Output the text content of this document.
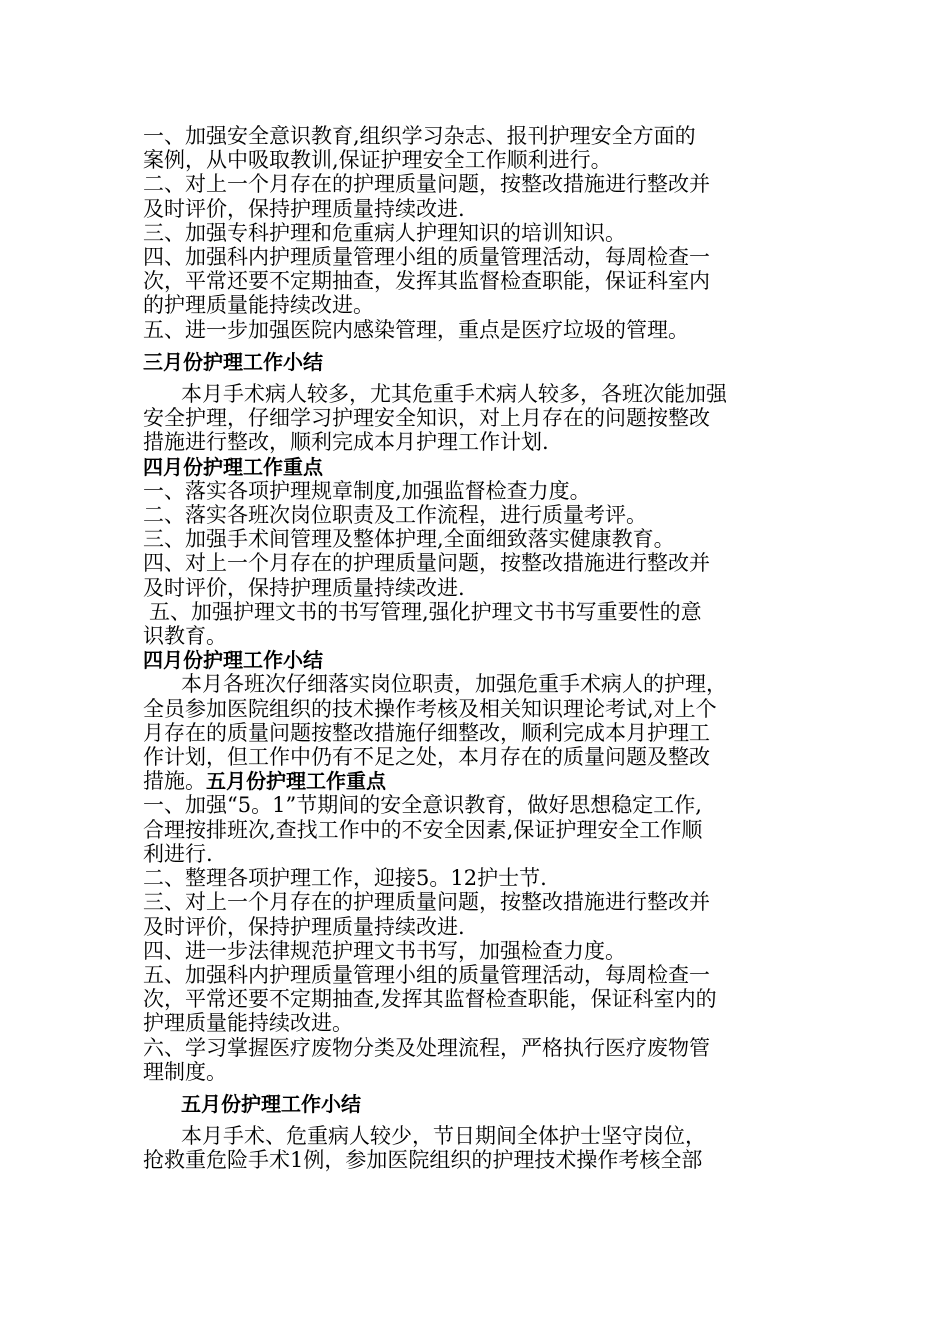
一、加强安全意识教育,组织学习杂志、报刊护理安全方面的
案例，从中吸取教训,保证护理安全工作顺利进行。
二、对上一个月存在的护理质量问题，按整改措施进行整改并
及时评价，保持护理质量持续改进.
三、加强专科护理和危重病人护理知识的培训知识。
四、加强科内护理质量管理小组的质量管理活动，每周检查一
次，平常还要不定期抽查，发挥其监督检查职能，保证科室内
的护理质量能持续改进。
五、进一步加强医院内感染管理，重点是医疗垃圾的管理。
三月份护理工作小结
本月手术病人较多，尤其危重手术病人较多，各班次能加强
安全护理，仔细学习护理安全知识，对上月存在的问题按整改
措施进行整改，顺利完成本月护理工作计划.
四月份护理工作重点
一、落实各项护理规章制度,加强监督检查力度。
二、落实各班次岗位职责及工作流程，进行质量考评。
三、加强手术间管理及整体护理,全面细致落实健康教育。
四、对上一个月存在的护理质量问题，按整改措施进行整改并
及时评价，保持护理质量持续改进.
五、加强护理文书的书写管理,强化护理文书书写重要性的意
识教育。
四月份护理工作小结
本月各班次仔细落实岗位职责，加强危重手术病人的护理，
全员参加医院组织的技术操作考核及相关知识理论考试,对上个
月存在的质量问题按整改措施仔细整改，顺利完成本月护理工
作计划，但工作中仍有不足之处，本月存在的质量问题及整改
措施。五月份护理工作重点
一、加强“5。1”节期间的安全意识教育，做好思想稳定工作,
合理按排班次,查找工作中的不安全因素,保证护理安全工作顺
利进行.
二、整理各项护理工作，迎接5。12护士节.
三、对上一个月存在的护理质量问题，按整改措施进行整改并
及时评价，保持护理质量持续改进.
四、进一步法律规范护理文书书写，加强检查力度。
五、加强科内护理质量管理小组的质量管理活动，每周检查一
次，平常还要不定期抽查,发挥其监督检查职能，保证科室内的
护理质量能持续改进。
六、学习掌握医疗废物分类及处理流程，严格执行医疗废物管
理制度。
五月份护理工作小结
本月手术、危重病人较少，节日期间全体护士坚守岗位，
抢救重危险手术1例，参加医院组织的护理技术操作考核全部
